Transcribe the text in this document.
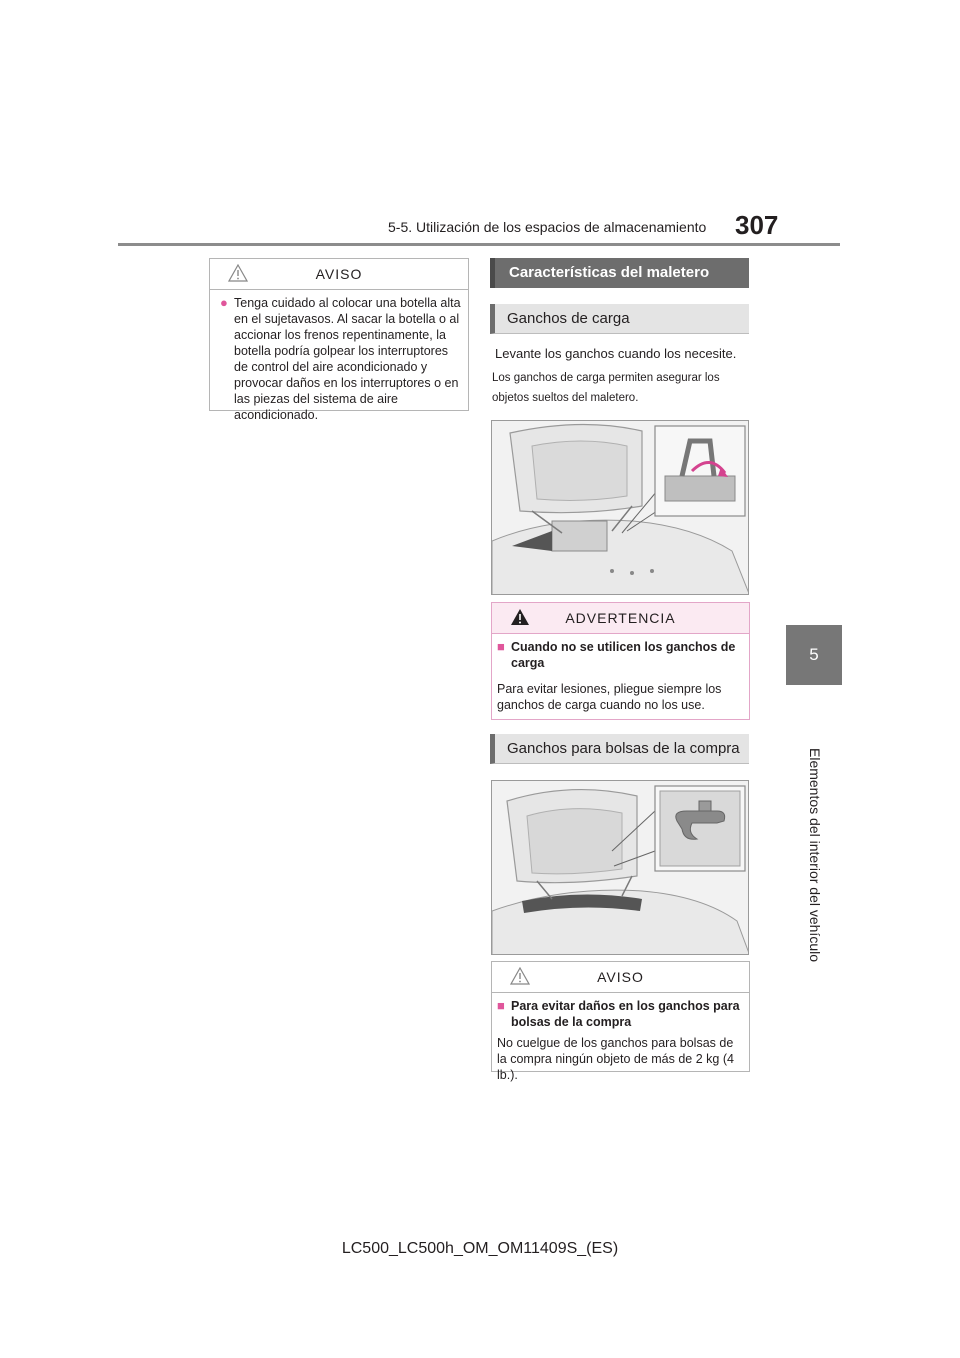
5-5. Utilización de los espacios de almacenamiento 307
5
Elementos del interior del vehículo
AVISO
● Tenga cuidado al colocar una botella alta en el sujetavasos. Al sacar la botella o al accionar los frenos repentinamente, la botella podría golpear los interruptores de control del aire acondicionado y provocar daños en los interruptores o en las piezas del sistema de aire acondicionado.
Características del maletero
Ganchos de carga
Levante los ganchos cuando los necesite.
Los ganchos de carga permiten asegurar los objetos sueltos del maletero.
ADVERTENCIA
■ Cuando no se utilicen los ganchos de carga
Para evitar lesiones, pliegue siempre los ganchos de carga cuando no los use.
Ganchos para bolsas de la compra
AVISO
■ Para evitar daños en los ganchos para bolsas de la compra
No cuelgue de los ganchos para bolsas de la compra ningún objeto de más de 2 kg (4 lb.).
LC500_LC500h_OM_OM11409S_(ES)
